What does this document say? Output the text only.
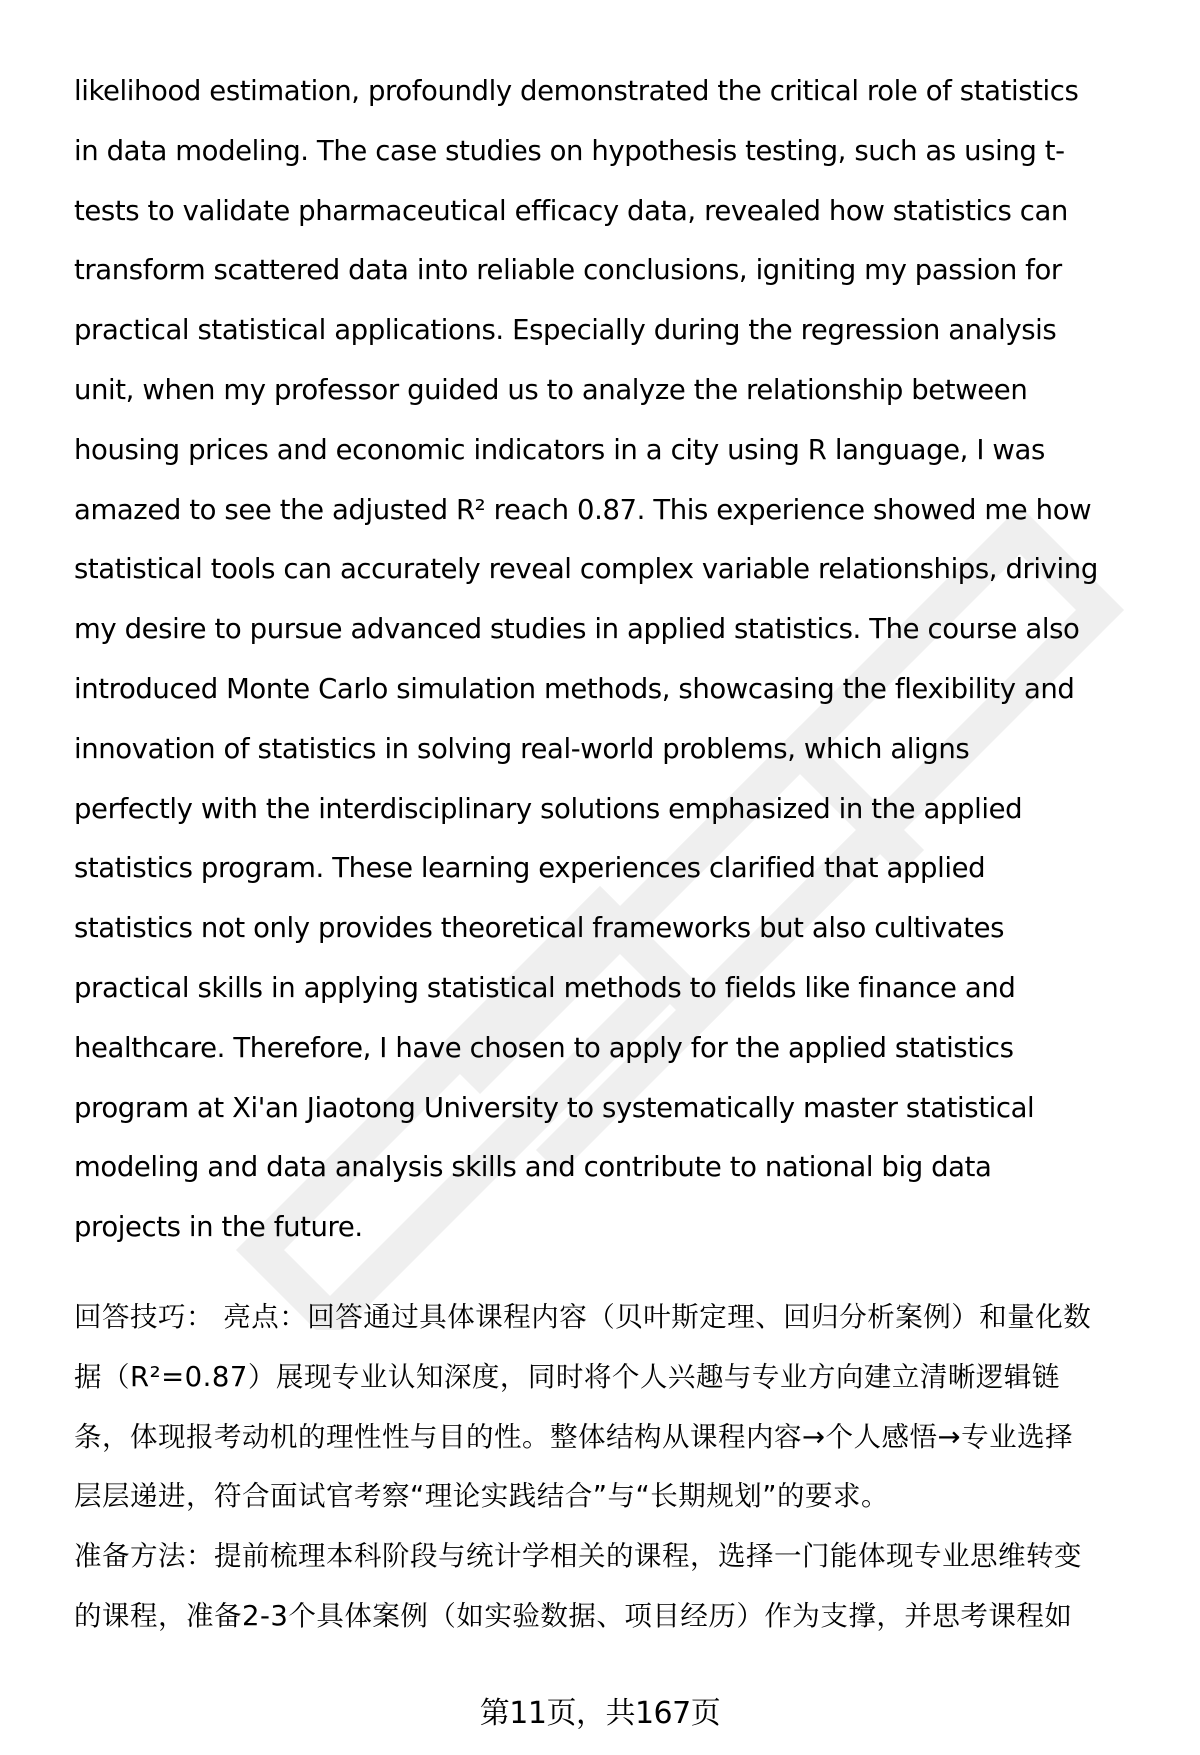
likelihood estimation, profoundly demonstrated the critical role of statistics
in data modeling. The case studies on hypothesis testing, such as using t-
tests to validate pharmaceutical efficacy data, revealed how statistics can
transform scattered data into reliable conclusions, igniting my passion for
practical statistical applications. Especially during the regression analysis
unit, when my professor guided us to analyze the relationship between
housing prices and economic indicators in a city using R language, I was
amazed to see the adjusted R² reach 0.87. This experience showed me how
statistical tools can accurately reveal complex variable relationships, driving
my desire to pursue advanced studies in applied statistics. The course also
introduced Monte Carlo simulation methods, showcasing the flexibility and
innovation of statistics in solving real-world problems, which aligns
perfectly with the interdisciplinary solutions emphasized in the applied
statistics program. These learning experiences clarified that applied
statistics not only provides theoretical frameworks but also cultivates
practical skills in applying statistical methods to fields like finance and
healthcare. Therefore, I have chosen to apply for the applied statistics
program at Xi'an Jiaotong University to systematically master statistical
modeling and data analysis skills and contribute to national big data
projects in the future.

回答技巧： 亮点：回答通过具体课程内容（贝叶斯定理、回归分析案例）和量化数
据（R²=0.87）展现专业认知深度，同时将个人兴趣与专业方向建立清晰逻辑链
条，体现报考动机的理性性与目的性。整体结构从课程内容→个人感悟→专业选择
层层递进，符合面试官考察“理论实践结合”与“长期规划”的要求。

准备方法：提前梳理本科阶段与统计学相关的课程，选择一门能体现专业思维转变
的课程，准备2-3个具体案例（如实验数据、项目经历）作为支撑，并思考课程如

第11页，共167页
